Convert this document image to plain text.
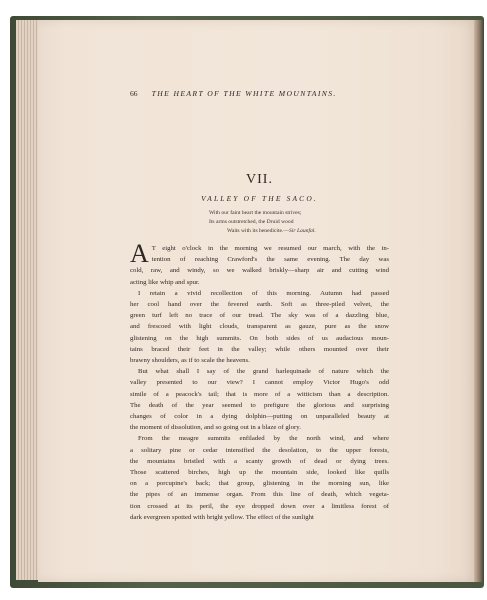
66 THE HEART OF THE WHITE MOUNTAINS.
VII.
VALLEY OF THE SACO.
With our faint heart the mountain strives;
Its arms outstretched, the Druid wood
Waits with its benedicite.—Sir Launfal.

A T eight o'clock in the morning we resumed our march, with the in-
tention of reaching Crawford's the same evening. The day was
cold, raw, and windy, so we walked briskly—sharp air and cutting wind
acting like whip and spur.

I retain a vivid recollection of this morning. Autumn had passed
her cool hand over the fevered earth. Soft as three-piled velvet, the
green turf left no trace of our tread. The sky was of a dazzling blue,
and frescoed with light clouds, transparent as gauze, pure as the snow
glistening on the high summits. On both sides of us audacious moun-
tains braced their feet in the valley; while others mounted over their
brawny shoulders, as if to scale the heavens.

But what shall I say of the grand harlequinade of nature which the
valley presented to our view? I cannot employ Victor Hugo's odd
simile of a peacock's tail; that is more of a witticism than a description.
The death of the year seemed to prefigure the glorious and surprising
changes of color in a dying dolphin—putting on unparalleled beauty at
the moment of dissolution, and so going out in a blaze of glory.

From the meagre summits enfiladed by the north wind, and where
a solitary pine or cedar intensified the desolation, to the upper forests,
the mountains bristled with a scanty growth of dead or dying trees.
Those scattered birches, high up the mountain side, looked like quills
on a porcupine's back; that group, glistening in the morning sun, like
the pipes of an immense organ. From this line of death, which vegeta-
tion crossed at its peril, the eye dropped down over a limitless forest of
dark evergreen spotted with bright yellow. The effect of the sunlight
